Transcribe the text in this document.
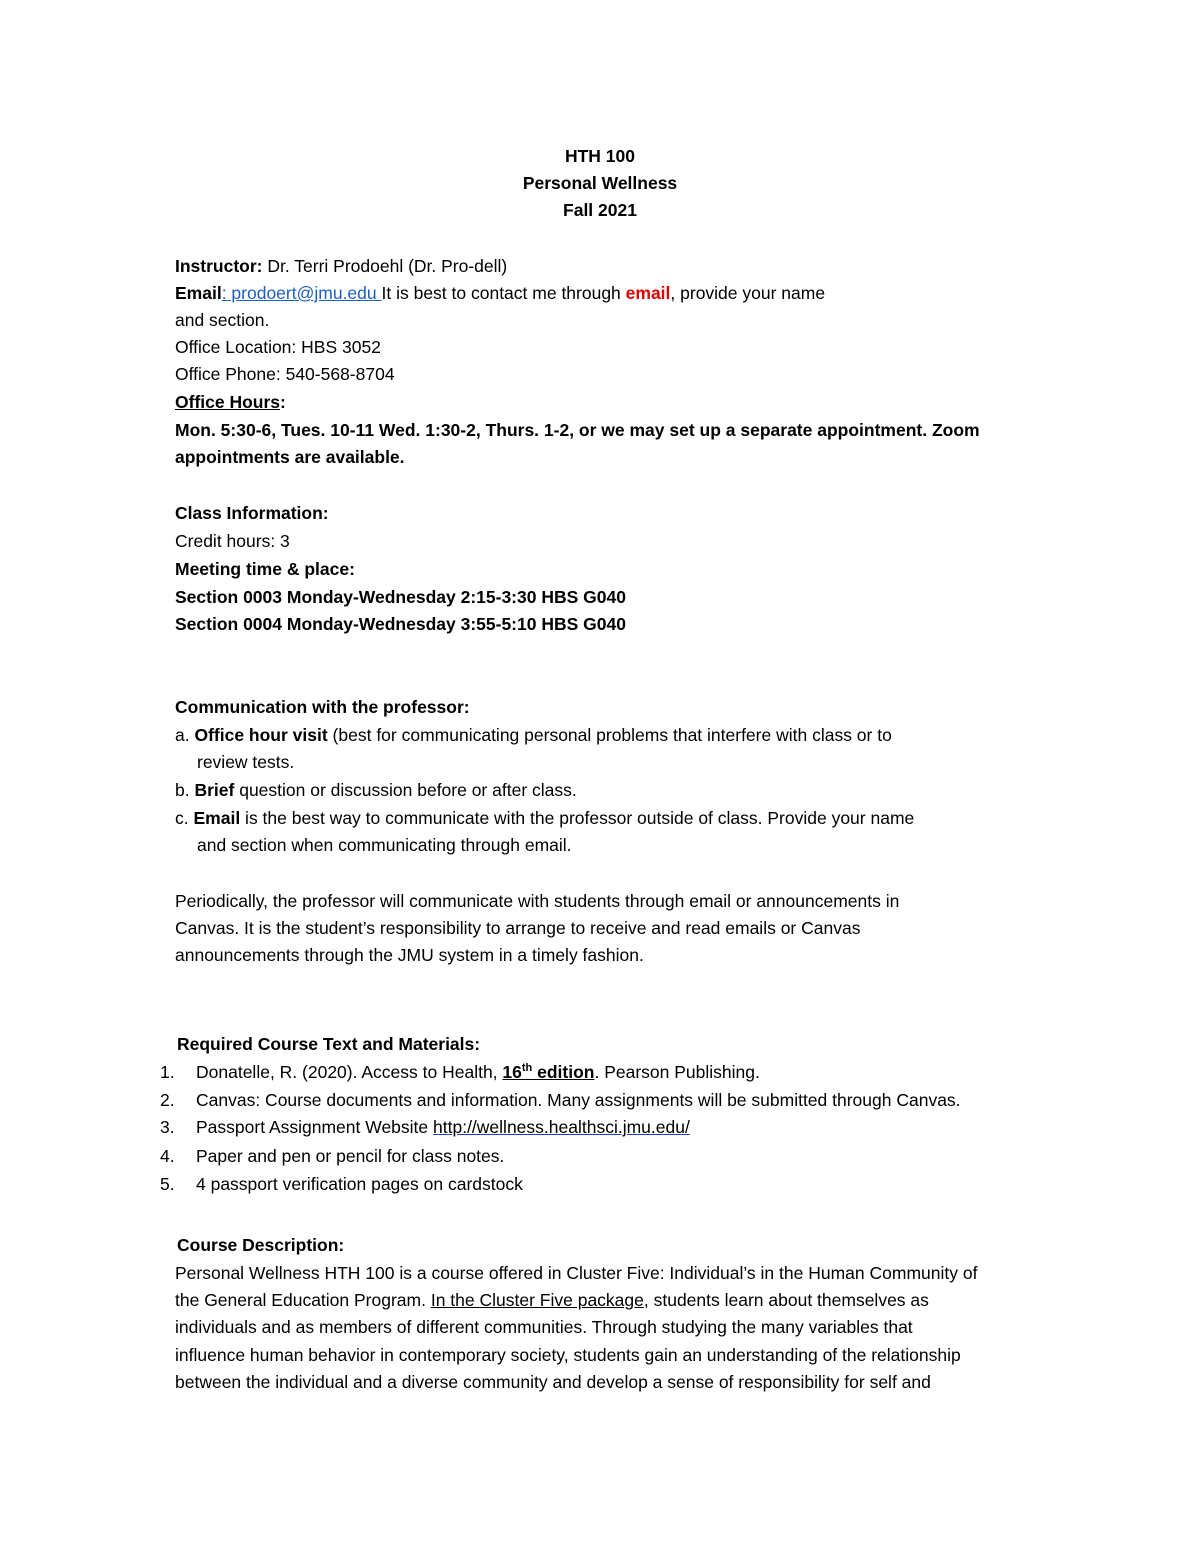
HTH 100
Personal Wellness
Fall 2021
Instructor: Dr. Terri Prodoehl (Dr. Pro-dell)
Email: prodoert@jmu.edu It is best to contact me through email, provide your name
and section.
Office Location: HBS 3052
Office Phone: 540-568-8704
Office Hours:
Mon. 5:30-6, Tues. 10-11 Wed. 1:30-2, Thurs. 1-2, or we may set up a separate appointment. Zoom
appointments are available.
Class Information:
Credit hours: 3
Meeting time & place:
Section 0003 Monday-Wednesday 2:15-3:30 HBS G040
Section 0004 Monday-Wednesday 3:55-5:10 HBS G040
Communication with the professor:
a. Office hour visit (best for communicating personal problems that interfere with class or to
review tests.
b. Brief question or discussion before or after class.
c. Email is the best way to communicate with the professor outside of class. Provide your name
and section when communicating through email.
Periodically, the professor will communicate with students through email or announcements in
Canvas. It is the student’s responsibility to arrange to receive and read emails or Canvas
announcements through the JMU system in a timely fashion.
Required Course Text and Materials:
1. Donatelle, R. (2020). Access to Health, 16th edition. Pearson Publishing.
2. Canvas: Course documents and information. Many assignments will be submitted through Canvas.
3. Passport Assignment Website http://wellness.healthsci.jmu.edu/
4. Paper and pen or pencil for class notes.
5. 4 passport verification pages on cardstock
Course Description:
Personal Wellness HTH 100 is a course offered in Cluster Five: Individual’s in the Human Community of
the General Education Program. In the Cluster Five package, students learn about themselves as
individuals and as members of different communities. Through studying the many variables that
influence human behavior in contemporary society, students gain an understanding of the relationship
between the individual and a diverse community and develop a sense of responsibility for self and
